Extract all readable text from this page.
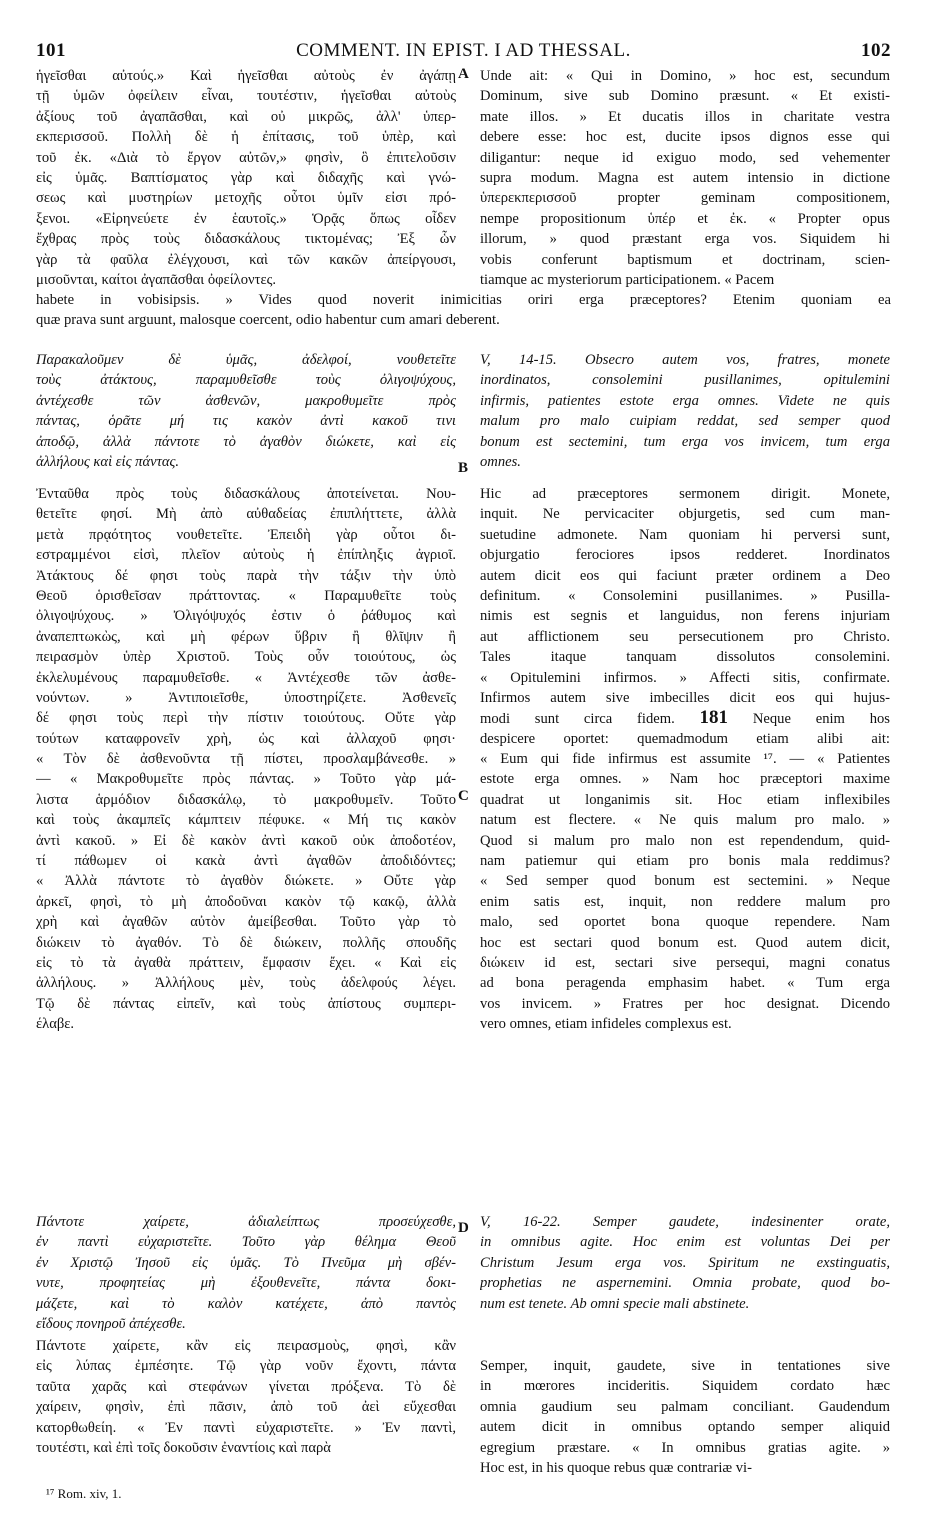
101	COMMENT. IN EPIST. I AD THESSAL.	102
A
B
C
D
ἡγεῖσθαι αὐτούς.» Καὶ ἡγεῖσθαι αὐτοὺς ἐν ἀγάπῃ
τῇ ὑμῶν ὀφείλειν εἶναι, τουτέστιν, ἡγεῖσθαι αὐτοὺς
ἀξίους τοῦ ἀγαπᾶσθαι, καὶ οὐ μικρῶς, ἀλλ' ὑπερ-
εκπερισσοῦ. Πολλὴ δὲ ἡ ἐπίτασις, τοῦ ὑπὲρ, καὶ
τοῦ ἐκ. «Διὰ τὸ ἔργον αὐτῶν,» φησὶν, ὃ ἐπιτελοῦσιν
εἰς ὑμᾶς. Βαπτίσματος γὰρ καὶ διδαχῆς καὶ γνώ-
σεως καὶ μυστηρίων μετοχῆς οὗτοι ὑμῖν εἰσι πρό-
ξενοι. «Εἰρηνεύετε ἐν ἑαυτοῖς.» Ὁρᾷς ὅπως οἶδεν
ἔχθρας πρὸς τοὺς διδασκάλους τικτομένας; Ἐξ ὧν
γὰρ τὰ φαῦλα ἐλέγχουσι, καὶ τῶν κακῶν ἀπείργουσι,
μισοῦνται, καίτοι ἀγαπᾶσθαι ὀφείλοντες.
Unde ait: « Qui in Domino, » hoc est, secundum
Dominum, sive sub Domino præsunt. « Et existi-
mate illos. » Et ducatis illos in charitate vestra
debere esse: hoc est, ducite ipsos dignos esse qui
diligantur: neque id exiguo modo, sed vehementer
supra modum. Magna est autem intensio in dictione
ὑπερεκπερισσοῦ propter geminam compositionem,
nempe propositionum ὑπέρ et ἐκ. « Propter opus
illorum, » quod præstant erga vos. Siquidem hi
vobis conferunt baptismum et doctrinam, scien-
tiamque ac mysteriorum participationem. « Pacem
habete in vobisipsis. » Vides quod noverit inimicitias oriri erga præceptores? Etenim quoniam ea
quæ prava sunt arguunt, malosque coercent, odio habentur cum amari deberent.
Παρακαλοῦμεν δὲ ὑμᾶς, ἀδελφοί, νουθετεῖτε
τοὺς ἀτάκτους, παραμυθεῖσθε τοὺς ὀλιγοψύχους,
ἀντέχεσθε τῶν ἀσθενῶν, μακροθυμεῖτε πρὸς
πάντας, ὁρᾶτε μή τις κακὸν ἀντὶ κακοῦ τινι
ἀποδῷ, ἀλλὰ πάντοτε τὸ ἀγαθὸν διώκετε, καὶ εἰς
ἀλλήλους καὶ εἰς πάντας.
V, 14-15. Obsecro autem vos, fratres, monete
inordinatos, consolemini pusillanimes, opitulemini
infirmis, patientes estote erga omnes. Videte ne quis
malum pro malo cuipiam reddat, sed semper quod
bonum est sectemini, tum erga vos invicem, tum erga
omnes.
Ἐνταῦθα πρὸς τοὺς διδασκάλους ἀποτείνεται. Νου-
θετεῖτε φησί. Μὴ ἀπὸ αὐθαδείας ἐπιπλήττετε, ἀλλὰ
μετὰ πρᾳότητος νουθετεῖτε. Ἐπειδὴ γὰρ οὗτοι δι-
εστραμμένοι εἰσὶ, πλεῖον αὐτοὺς ἡ ἐπίπληξις ἀγριοῖ.
Ἀτάκτους δέ φησι τοὺς παρὰ τὴν τάξιν τὴν ὑπὸ
Θεοῦ ὁρισθεῖσαν πράττοντας. « Παραμυθεῖτε τοὺς
ὀλιγοψύχους. » Ὀλιγόψυχός ἐστιν ὁ ῥάθυμος καὶ
ἀναπεπτωκὼς, καὶ μὴ φέρων ὕβριν ἢ θλῖψιν ἢ
πειρασμὸν ὑπὲρ Χριστοῦ. Τοὺς οὖν τοιούτους, ὡς
ἐκλελυμένους παραμυθεῖσθε. « Ἀντέχεσθε τῶν ἀσθε-
νούντων. » Ἀντιποιεῖσθε, ὑποστηρίζετε. Ἀσθενεῖς
δέ φησι τοὺς περὶ τὴν πίστιν τοιούτους. Οὔτε γὰρ
τούτων καταφρονεῖν χρὴ, ὡς καὶ ἀλλαχοῦ φησι·
« Τὸν δὲ ἀσθενοῦντα τῇ πίστει, προσλαμβάνεσθε. »
— « Μακροθυμεῖτε πρὸς πάντας. » Τοῦτο γὰρ μά-
λιστα ἁρμόδιον διδασκάλῳ, τὸ μακροθυμεῖν. Τοῦτο
καὶ τοὺς ἀκαμπεῖς κάμπτειν πέφυκε. « Μή τις κακὸν
ἀντὶ κακοῦ. » Εἰ δὲ κακὸν ἀντὶ κακοῦ οὐκ ἀποδοτέον,
τί πάθωμεν οἱ κακὰ ἀντὶ ἀγαθῶν ἀποδιδόντες;
« Ἀλλὰ πάντοτε τὸ ἀγαθὸν διώκετε. » Οὔτε γὰρ
ἀρκεῖ, φησὶ, τὸ μὴ ἀποδοῦναι κακὸν τῷ κακῷ, ἀλλὰ
χρὴ καὶ ἀγαθῶν αὐτὸν ἀμείβεσθαι. Τοῦτο γὰρ τὸ
διώκειν τὸ ἀγαθόν. Τὸ δὲ διώκειν, πολλῆς σπουδῆς
εἰς τὸ τὰ ἀγαθὰ πράττειν, ἔμφασιν ἔχει. « Καὶ εἰς
ἀλλήλους. » Ἀλλήλους μὲν, τοὺς ἀδελφούς λέγει.
Τῷ δὲ πάντας εἰπεῖν, καὶ τοὺς ἀπίστους συμπερι-
έλαβε.
Hic ad præceptores sermonem dirigit. Monete,
inquit. Ne pervicaciter objurgetis, sed cum man-
suetudine admonete. Nam quoniam hi perversi sunt,
objurgatio ferociores ipsos redderet. Inordinatos
autem dicit eos qui faciunt præter ordinem a Deo
definitum. « Consolemini pusillanimes. » Pusilla-
nimis est segnis et languidus, non ferens injuriam
aut afflictionem seu persecutionem pro Christo.
Tales itaque tanquam dissolutos consolemini.
« Opitulemini infirmos. » Affecti sitis, confirmate.
Infirmos autem sive imbecilles dicit eos qui hujus-
modi sunt circa fidem. 181 Neque enim hos
despicere oportet: quemadmodum etiam alibi ait:
« Eum qui fide infirmus est assumite ¹⁷. — « Patientes
estote erga omnes. » Nam hoc præceptori maxime
quadrat ut longanimis sit. Hoc etiam inflexibiles
natum est flectere. « Ne quis malum pro malo. »
Quod si malum pro malo non est rependendum, quid-
nam patiemur qui etiam pro bonis mala reddimus?
« Sed semper quod bonum est sectemini. » Neque
enim satis est, inquit, non reddere malum pro
malo, sed oportet bona quoque rependere. Nam
hoc est sectari quod bonum est. Quod autem dicit,
διώκειν id est, sectari sive persequi, magni conatus
ad bona peragenda emphasim habet. « Tum erga
vos invicem. » Fratres per hoc designat. Dicendo
vero omnes, etiam infideles complexus est.
Πάντοτε χαίρετε, ἀδιαλείπτως προσεύχεσθε,
ἐν παντὶ εὐχαριστεῖτε. Τοῦτο γὰρ θέλημα Θεοῦ
ἐν Χριστῷ Ἰησοῦ εἰς ὑμᾶς. Τὸ Πνεῦμα μὴ σβέν-
νυτε, προφητείας μὴ ἐξουθενεῖτε, πάντα δοκι-
μάζετε, καὶ τὸ καλὸν κατέχετε, ἀπὸ παντὸς
εἴδους πονηροῦ ἀπέχεσθε.
V, 16-22. Semper gaudete, indesinenter orate,
in omnibus agite. Hoc enim est voluntas Dei per
Christum Jesum erga vos. Spiritum ne exstinguatis,
prophetias ne aspernemini. Omnia probate, quod bo-
num est tenete. Ab omni specie mali abstinete.
Πάντοτε χαίρετε, κἂν εἰς πειρασμοὺς, φησὶ, κἂν
εἰς λύπας ἐμπέσητε. Τῷ γὰρ νοῦν ἔχοντι, πάντα
ταῦτα χαρᾶς καὶ στεφάνων γίνεται πρόξενα. Τὸ δὲ
χαίρειν, φησὶν, ἐπὶ πᾶσιν, ἀπὸ τοῦ ἀεὶ εὔχεσθαι
κατορθωθείη. « Ἐν παντὶ εὐχαριστεῖτε. » Ἐν παντὶ,
τουτέστι, καὶ ἐπὶ τοῖς δοκοῦσιν ἐναντίοις καὶ παρὰ
Semper, inquit, gaudete, sive in tentationes sive
in mœrores incideritis. Siquidem cordato hæc
omnia gaudium seu palmam conciliant. Gaudendum
autem dicit in omnibus optando semper aliquid
egregium præstare. « In omnibus gratias agite. »
Hoc est, in his quoque rebus quæ contrariæ vi-
¹⁷ Rom. xiv, 1.
